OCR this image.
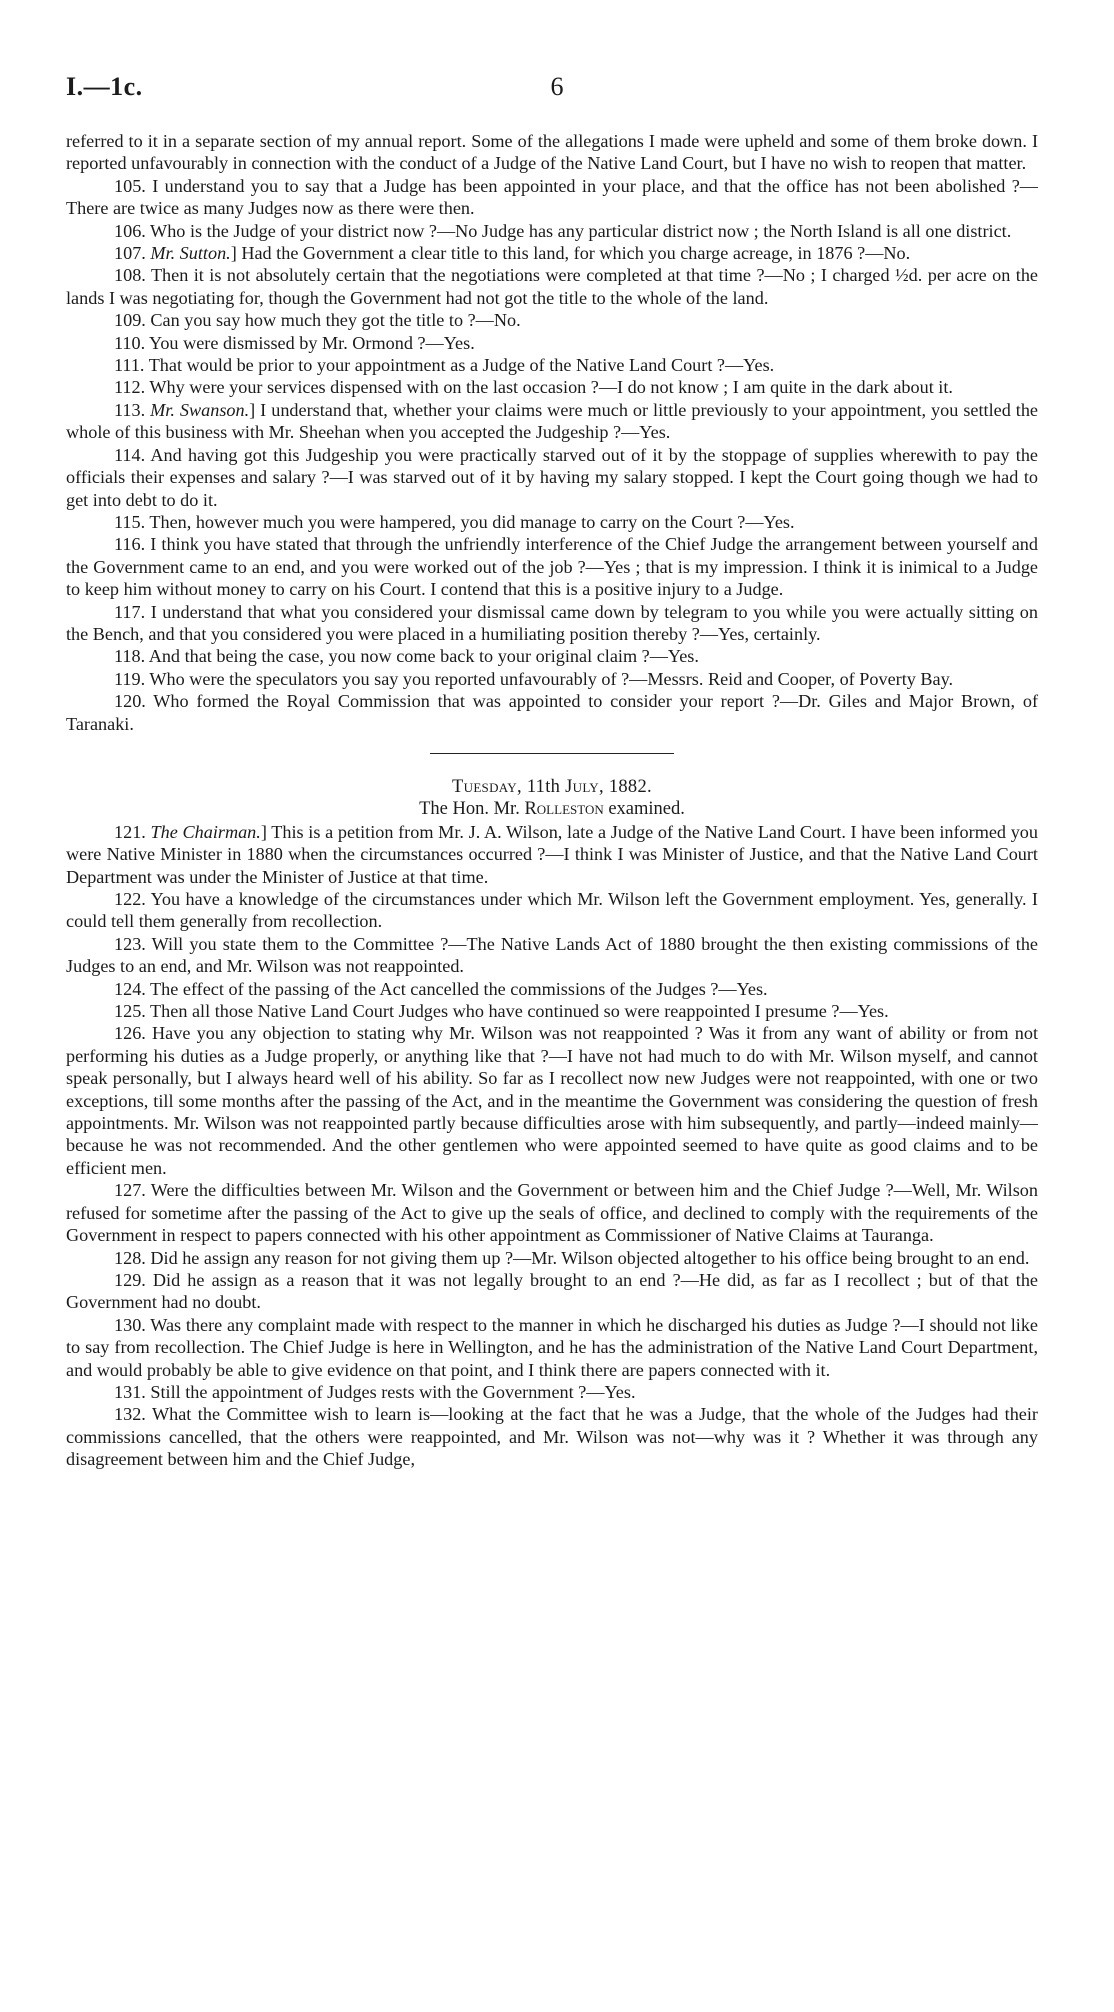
I.—1c.	6

referred to it in a separate section of my annual report. Some of the allegations I made were upheld and some of them broke down. I reported unfavourably in connection with the conduct of a Judge of the Native Land Court, but I have no wish to reopen that matter.

105. I understand you to say that a Judge has been appointed in your place, and that the office has not been abolished ?—There are twice as many Judges now as there were then.

106. Who is the Judge of your district now ?—No Judge has any particular district now ; the North Island is all one district.

107. Mr. Sutton.] Had the Government a clear title to this land, for which you charge acreage, in 1876 ?—No.

108. Then it is not absolutely certain that the negotiations were completed at that time ?—No ; I charged ½d. per acre on the lands I was negotiating for, though the Government had not got the title to the whole of the land.

109. Can you say how much they got the title to ?—No.

110. You were dismissed by Mr. Ormond ?—Yes.

111. That would be prior to your appointment as a Judge of the Native Land Court ?—Yes.

112. Why were your services dispensed with on the last occasion ?—I do not know ; I am quite in the dark about it.

113. Mr. Swanson.] I understand that, whether your claims were much or little previously to your appointment, you settled the whole of this business with Mr. Sheehan when you accepted the Judgeship ?—Yes.

114. And having got this Judgeship you were practically starved out of it by the stoppage of supplies wherewith to pay the officials their expenses and salary ?—I was starved out of it by having my salary stopped. I kept the Court going though we had to get into debt to do it.

115. Then, however much you were hampered, you did manage to carry on the Court ?—Yes.

116. I think you have stated that through the unfriendly interference of the Chief Judge the arrangement between yourself and the Government came to an end, and you were worked out of the job ?—Yes ; that is my impression. I think it is inimical to a Judge to keep him without money to carry on his Court. I contend that this is a positive injury to a Judge.

117. I understand that what you considered your dismissal came down by telegram to you while you were actually sitting on the Bench, and that you considered you were placed in a humiliating position thereby ?—Yes, certainly.

118. And that being the case, you now come back to your original claim ?—Yes.

119. Who were the speculators you say you reported unfavourably of ?—Messrs. Reid and Cooper, of Poverty Bay.

120. Who formed the Royal Commission that was appointed to consider your report ?—Dr. Giles and Major Brown, of Taranaki.

Tuesday, 11th July, 1882.

The Hon. Mr. Rolleston examined.

121. The Chairman.] This is a petition from Mr. J. A. Wilson, late a Judge of the Native Land Court. I have been informed you were Native Minister in 1880 when the circumstances occurred ?—I think I was Minister of Justice, and that the Native Land Court Department was under the Minister of Justice at that time.

122. You have a knowledge of the circumstances under which Mr. Wilson left the Government employment. Yes, generally. I could tell them generally from recollection.

123. Will you state them to the Committee ?—The Native Lands Act of 1880 brought the then existing commissions of the Judges to an end, and Mr. Wilson was not reappointed.

124. The effect of the passing of the Act cancelled the commissions of the Judges ?—Yes.

125. Then all those Native Land Court Judges who have continued so were reappointed I presume ?—Yes.

126. Have you any objection to stating why Mr. Wilson was not reappointed ? Was it from any want of ability or from not performing his duties as a Judge properly, or anything like that ?—I have not had much to do with Mr. Wilson myself, and cannot speak personally, but I always heard well of his ability. So far as I recollect now new Judges were not reappointed, with one or two exceptions, till some months after the passing of the Act, and in the meantime the Government was considering the question of fresh appointments. Mr. Wilson was not reappointed partly because difficulties arose with him subsequently, and partly—indeed mainly—because he was not recommended. And the other gentlemen who were appointed seemed to have quite as good claims and to be efficient men.

127. Were the difficulties between Mr. Wilson and the Government or between him and the Chief Judge ?—Well, Mr. Wilson refused for sometime after the passing of the Act to give up the seals of office, and declined to comply with the requirements of the Government in respect to papers connected with his other appointment as Commissioner of Native Claims at Tauranga.

128. Did he assign any reason for not giving them up ?—Mr. Wilson objected altogether to his office being brought to an end.

129. Did he assign as a reason that it was not legally brought to an end ?—He did, as far as I recollect ; but of that the Government had no doubt.

130. Was there any complaint made with respect to the manner in which he discharged his duties as Judge ?—I should not like to say from recollection. The Chief Judge is here in Wellington, and he has the administration of the Native Land Court Department, and would probably be able to give evidence on that point, and I think there are papers connected with it.

131. Still the appointment of Judges rests with the Government ?—Yes.

132. What the Committee wish to learn is—looking at the fact that he was a Judge, that the whole of the Judges had their commissions cancelled, that the others were reappointed, and Mr. Wilson was not—why was it ? Whether it was through any disagreement between him and the Chief Judge,
